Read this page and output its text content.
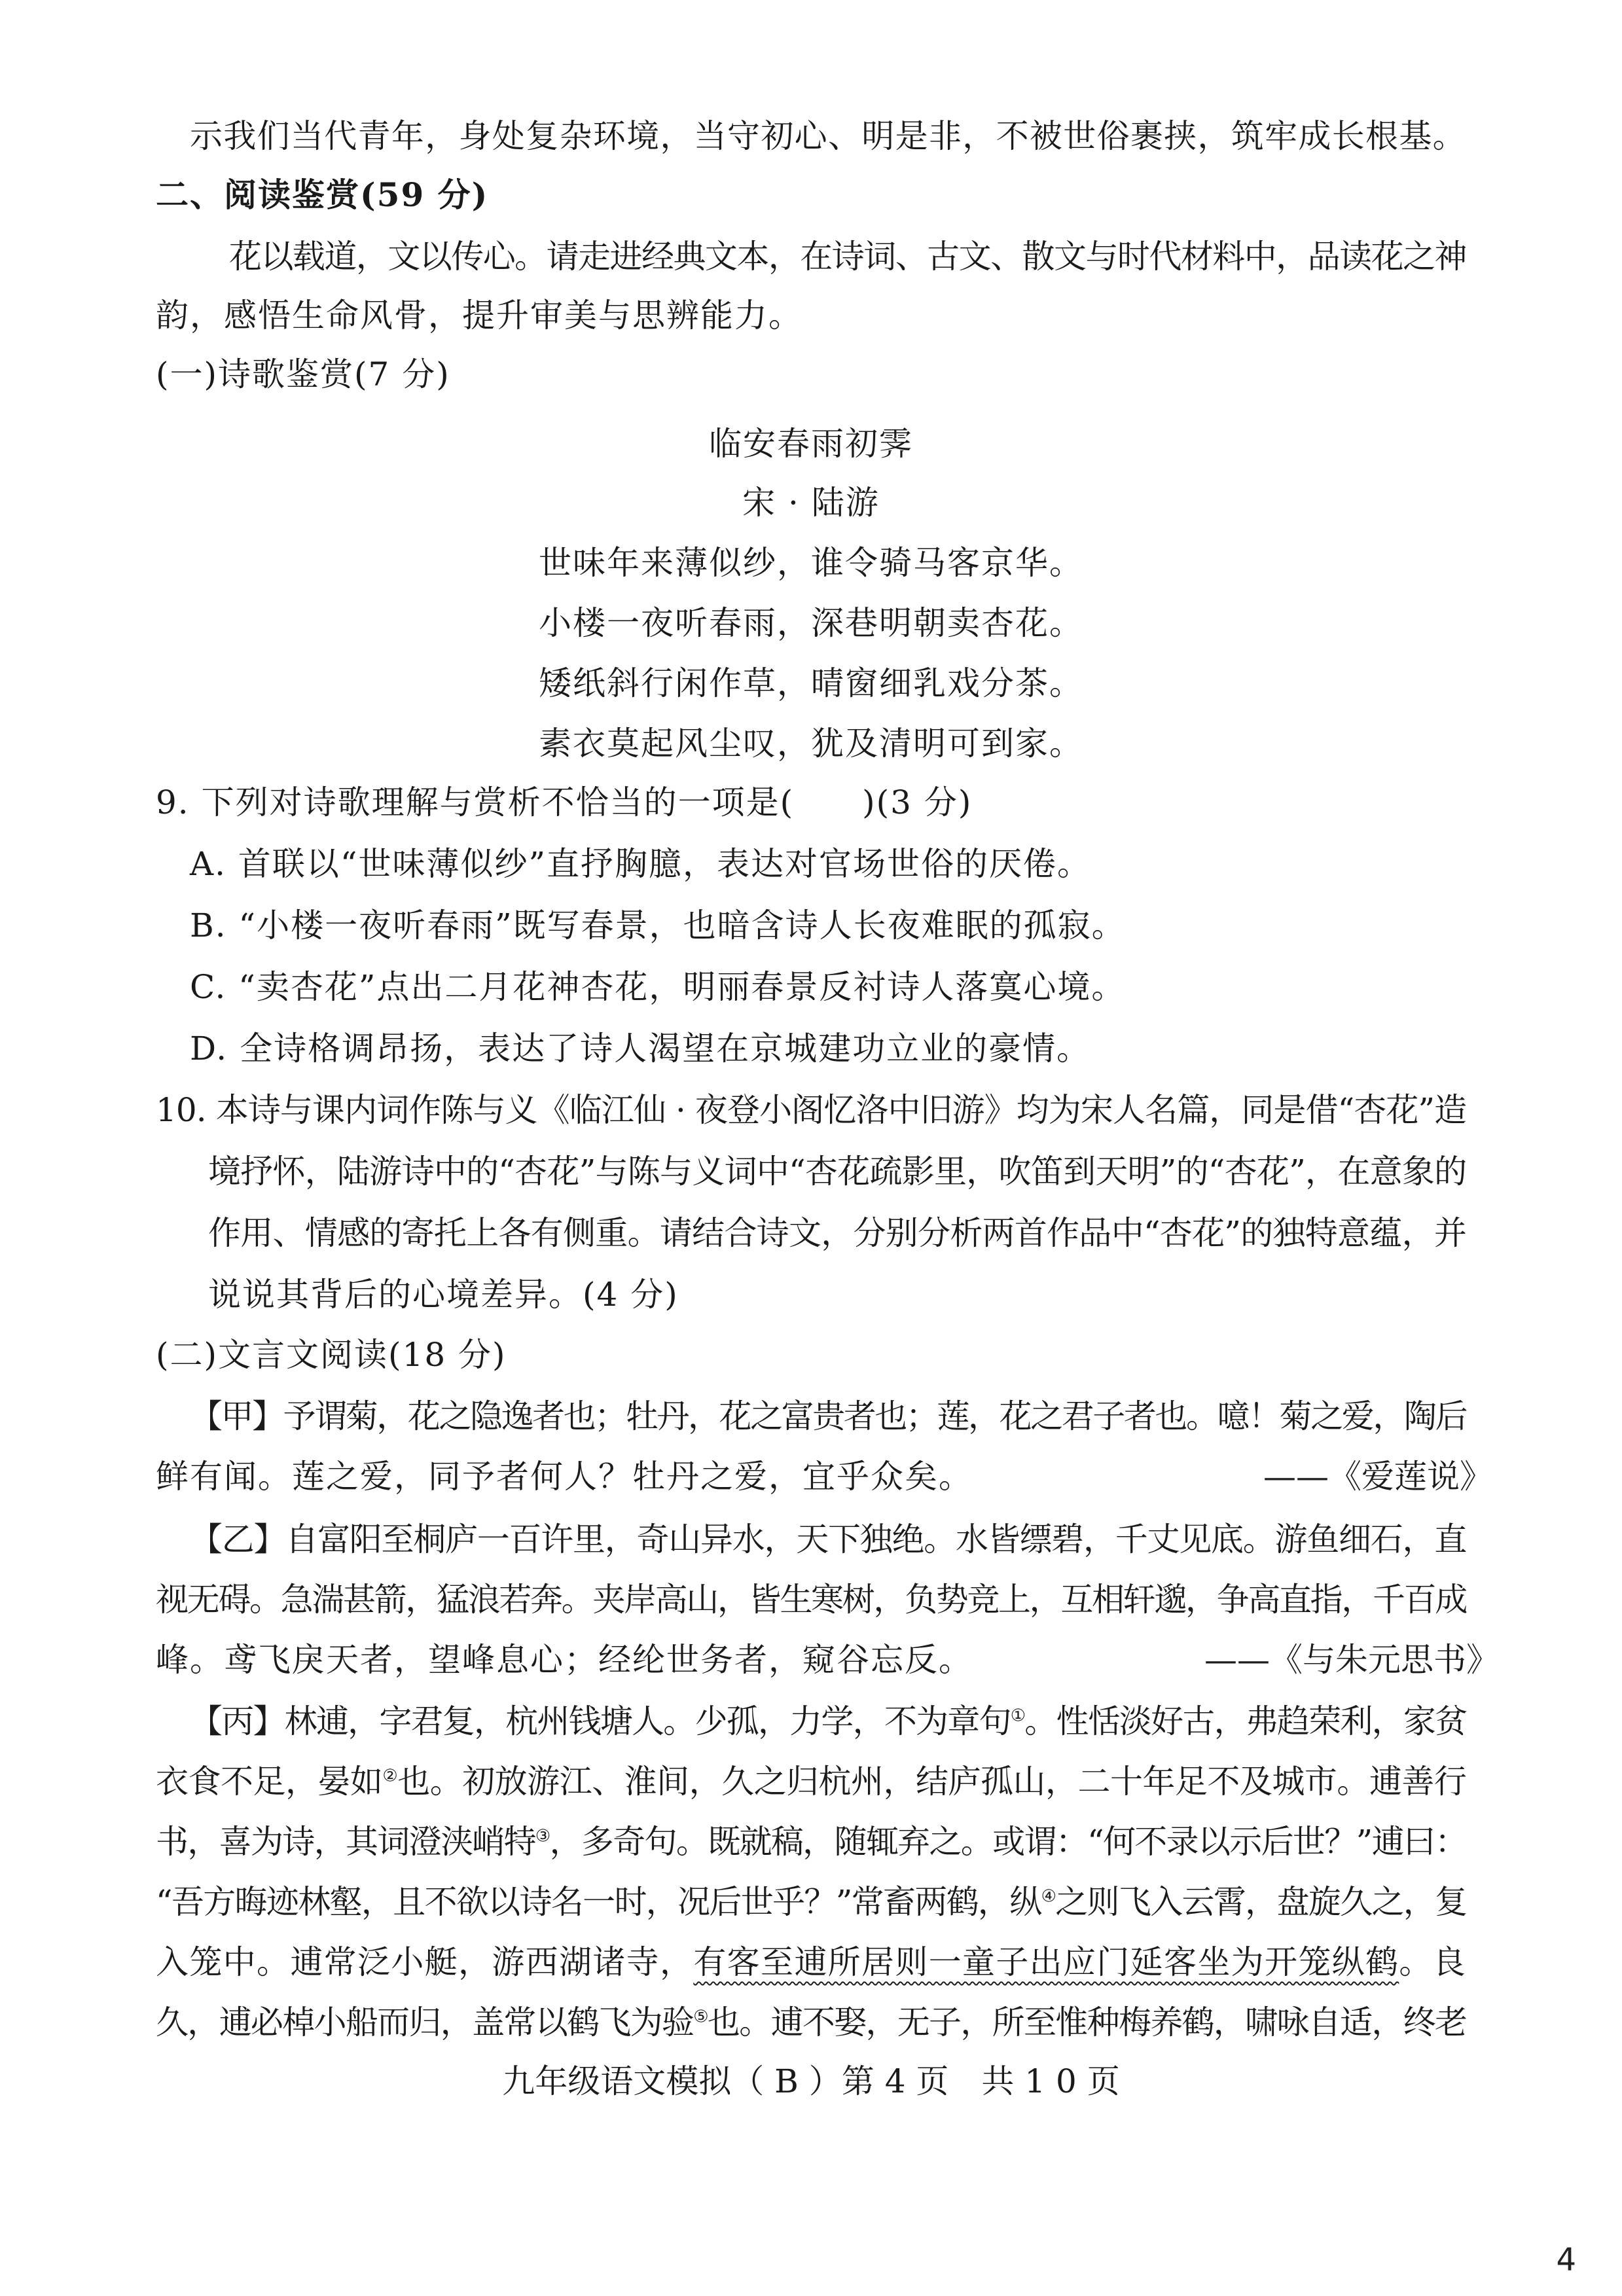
示我们当代青年，身处复杂环境，当守初心、明是非，不被世俗裹挟，筑牢成长根基。
二、阅读鉴赏(59 分)
花以载道，文以传心。请走进经典文本，在诗词、古文、散文与时代材料中，品读花之神
韵，感悟生命风骨，提升审美与思辨能力。
(一)诗歌鉴赏(7 分)
临安春雨初霁
宋 · 陆游
世味年来薄似纱，谁令骑马客京华。
小楼一夜听春雨，深巷明朝卖杏花。
矮纸斜行闲作草，晴窗细乳戏分茶。
素衣莫起风尘叹，犹及清明可到家。
9. 下列对诗歌理解与赏析不恰当的一项是(　　)(3 分)
A. 首联以“世味薄似纱”直抒胸臆，表达对官场世俗的厌倦。
B. “小楼一夜听春雨”既写春景，也暗含诗人长夜难眠的孤寂。
C. “卖杏花”点出二月花神杏花，明丽春景反衬诗人落寞心境。
D. 全诗格调昂扬，表达了诗人渴望在京城建功立业的豪情。
10. 本诗与课内词作陈与义《临江仙 · 夜登小阁忆洛中旧游》均为宋人名篇，同是借“杏花”造
境抒怀，陆游诗中的“杏花”与陈与义词中“杏花疏影里，吹笛到天明”的“杏花”，在意象的
作用、情感的寄托上各有侧重。请结合诗文，分别分析两首作品中“杏花”的独特意蕴，并
说说其背后的心境差异。(4 分)
(二)文言文阅读(18 分)
【甲】予谓菊，花之隐逸者也；牡丹，花之富贵者也；莲，花之君子者也。噫！菊之爱，陶后
鲜有闻。莲之爱，同予者何人？牡丹之爱，宜乎众矣。	——《爱莲说》
【乙】自富阳至桐庐一百许里，奇山异水，天下独绝。水皆缥碧，千丈见底。游鱼细石，直
视无碍。急湍甚箭，猛浪若奔。夹岸高山，皆生寒树，负势竞上，互相轩邈，争高直指，千百成
峰。鸢飞戾天者，望峰息心；经纶世务者，窥谷忘反。	——《与朱元思书》
【丙】林逋，字君复，杭州钱塘人。少孤，力学，不为章句①。性恬淡好古，弗趋荣利，家贫
衣食不足，晏如②也。初放游江、淮间，久之归杭州，结庐孤山，二十年足不及城市。逋善行
书，喜为诗，其词澄浃峭特③，多奇句。既就稿，随辄弃之。或谓：“何不录以示后世？”逋曰：
“吾方晦迹林壑，且不欲以诗名一时，况后世乎？”常畜两鹤，纵④之则飞入云霄，盘旋久之，复
入笼中。逋常泛小艇，游西湖诸寺，有客至逋所居则一童子出应门延客坐为开笼纵鹤。良
久，逋必棹小船而归，盖常以鹤飞为验⑤也。逋不娶，无子，所至惟种梅养鹤，啸咏自适，终老
九年级语文模拟（ B ）第 4 页　共 1 0 页
4
